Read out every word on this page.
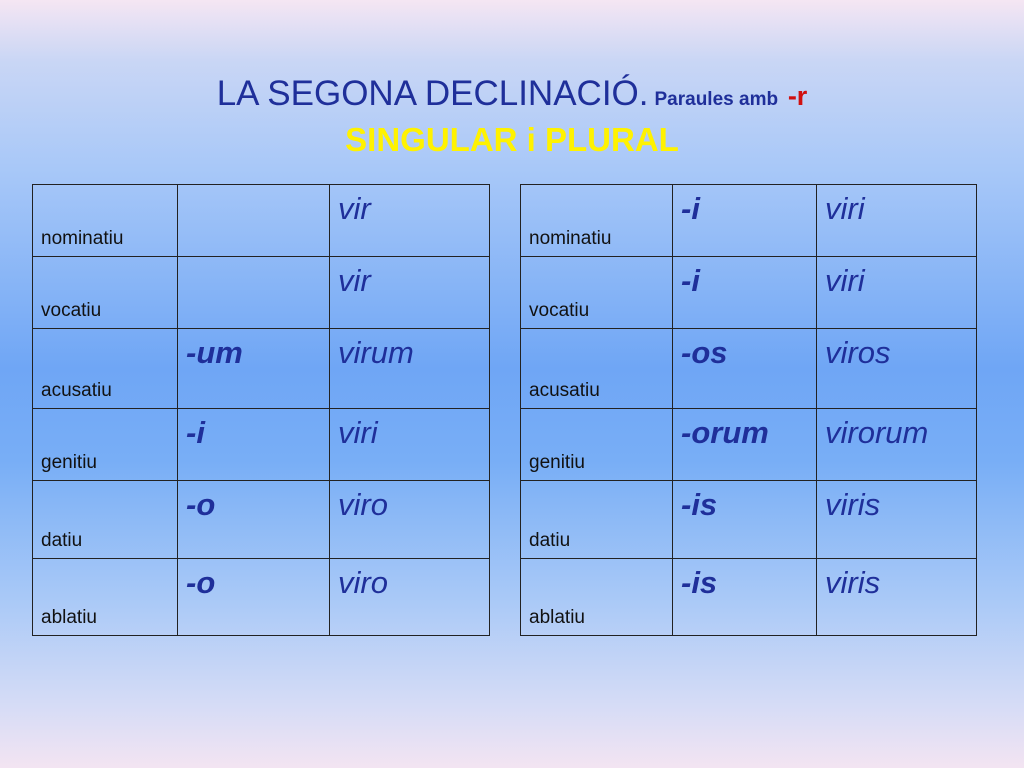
LA SEGONA DECLINACIÓ. Paraules amb -r
SINGULAR i PLURAL
nominatiu		vir
vocatiu		vir
acusatiu	-um	virum
genitiu	-i	viri
datiu	-o	viro
ablatiu	-o	viro
nominatiu	-i	viri
vocatiu	-i	viri
acusatiu	-os	viros
genitiu	-orum	virorum
datiu	-is	viris
ablatiu	-is	viris
